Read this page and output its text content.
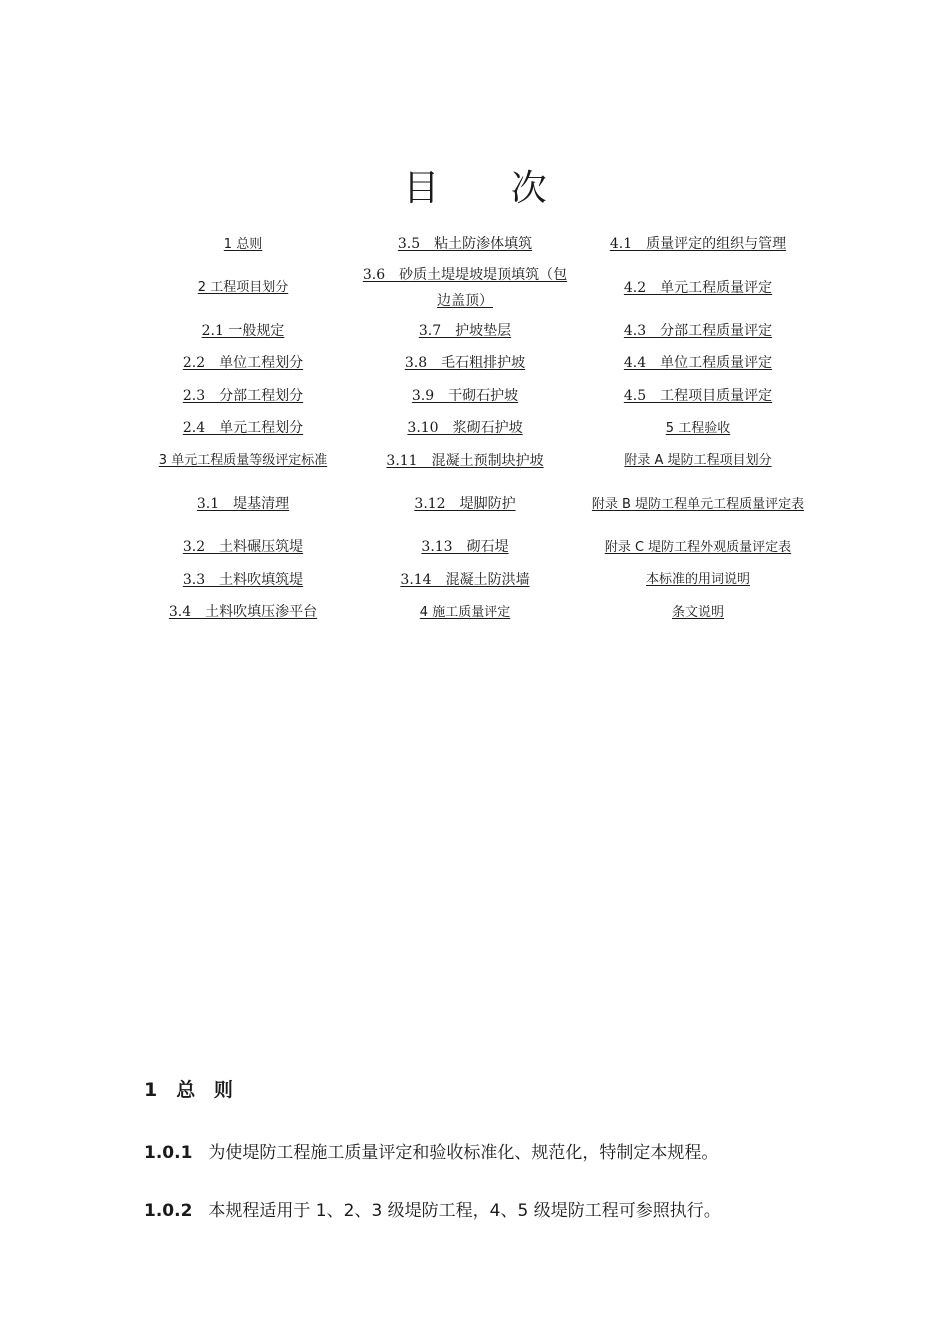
目 次
1 总则	3.5　粘土防渗体填筑	4.1　质量评定的组织与管理
2 工程项目划分	3.6　砂质土堤堤坡堤顶填筑（包边盖顶）	4.2　单元工程质量评定
2.1 一般规定	3.7　护坡垫层	4.3　分部工程质量评定
2.2　单位工程划分	3.8　毛石粗排护坡	4.4　单位工程质量评定
2.3　分部工程划分	3.9　干砌石护坡	4.5　工程项目质量评定
2.4　单元工程划分	3.10　浆砌石护坡	5 工程验收
3 单元工程质量等级评定标准	3.11　混凝土预制块护坡	附录 A 堤防工程项目划分
3.1　堤基清理	3.12　堤脚防护	附录 B 堤防工程单元工程质量评定表
3.2　土料碾压筑堤	3.13　砌石堤	附录 C 堤防工程外观质量评定表
3.3　土料吹填筑堤	3.14　混凝土防洪墙	本标准的用词说明
3.4　土料吹填压渗平台	4 施工质量评定	条文说明
1　总 则
1.0.1 为使堤防工程施工质量评定和验收标准化、规范化，特制定本规程。
1.0.2 本规程适用于 1、2、3 级堤防工程，4、5 级堤防工程可参照执行。
